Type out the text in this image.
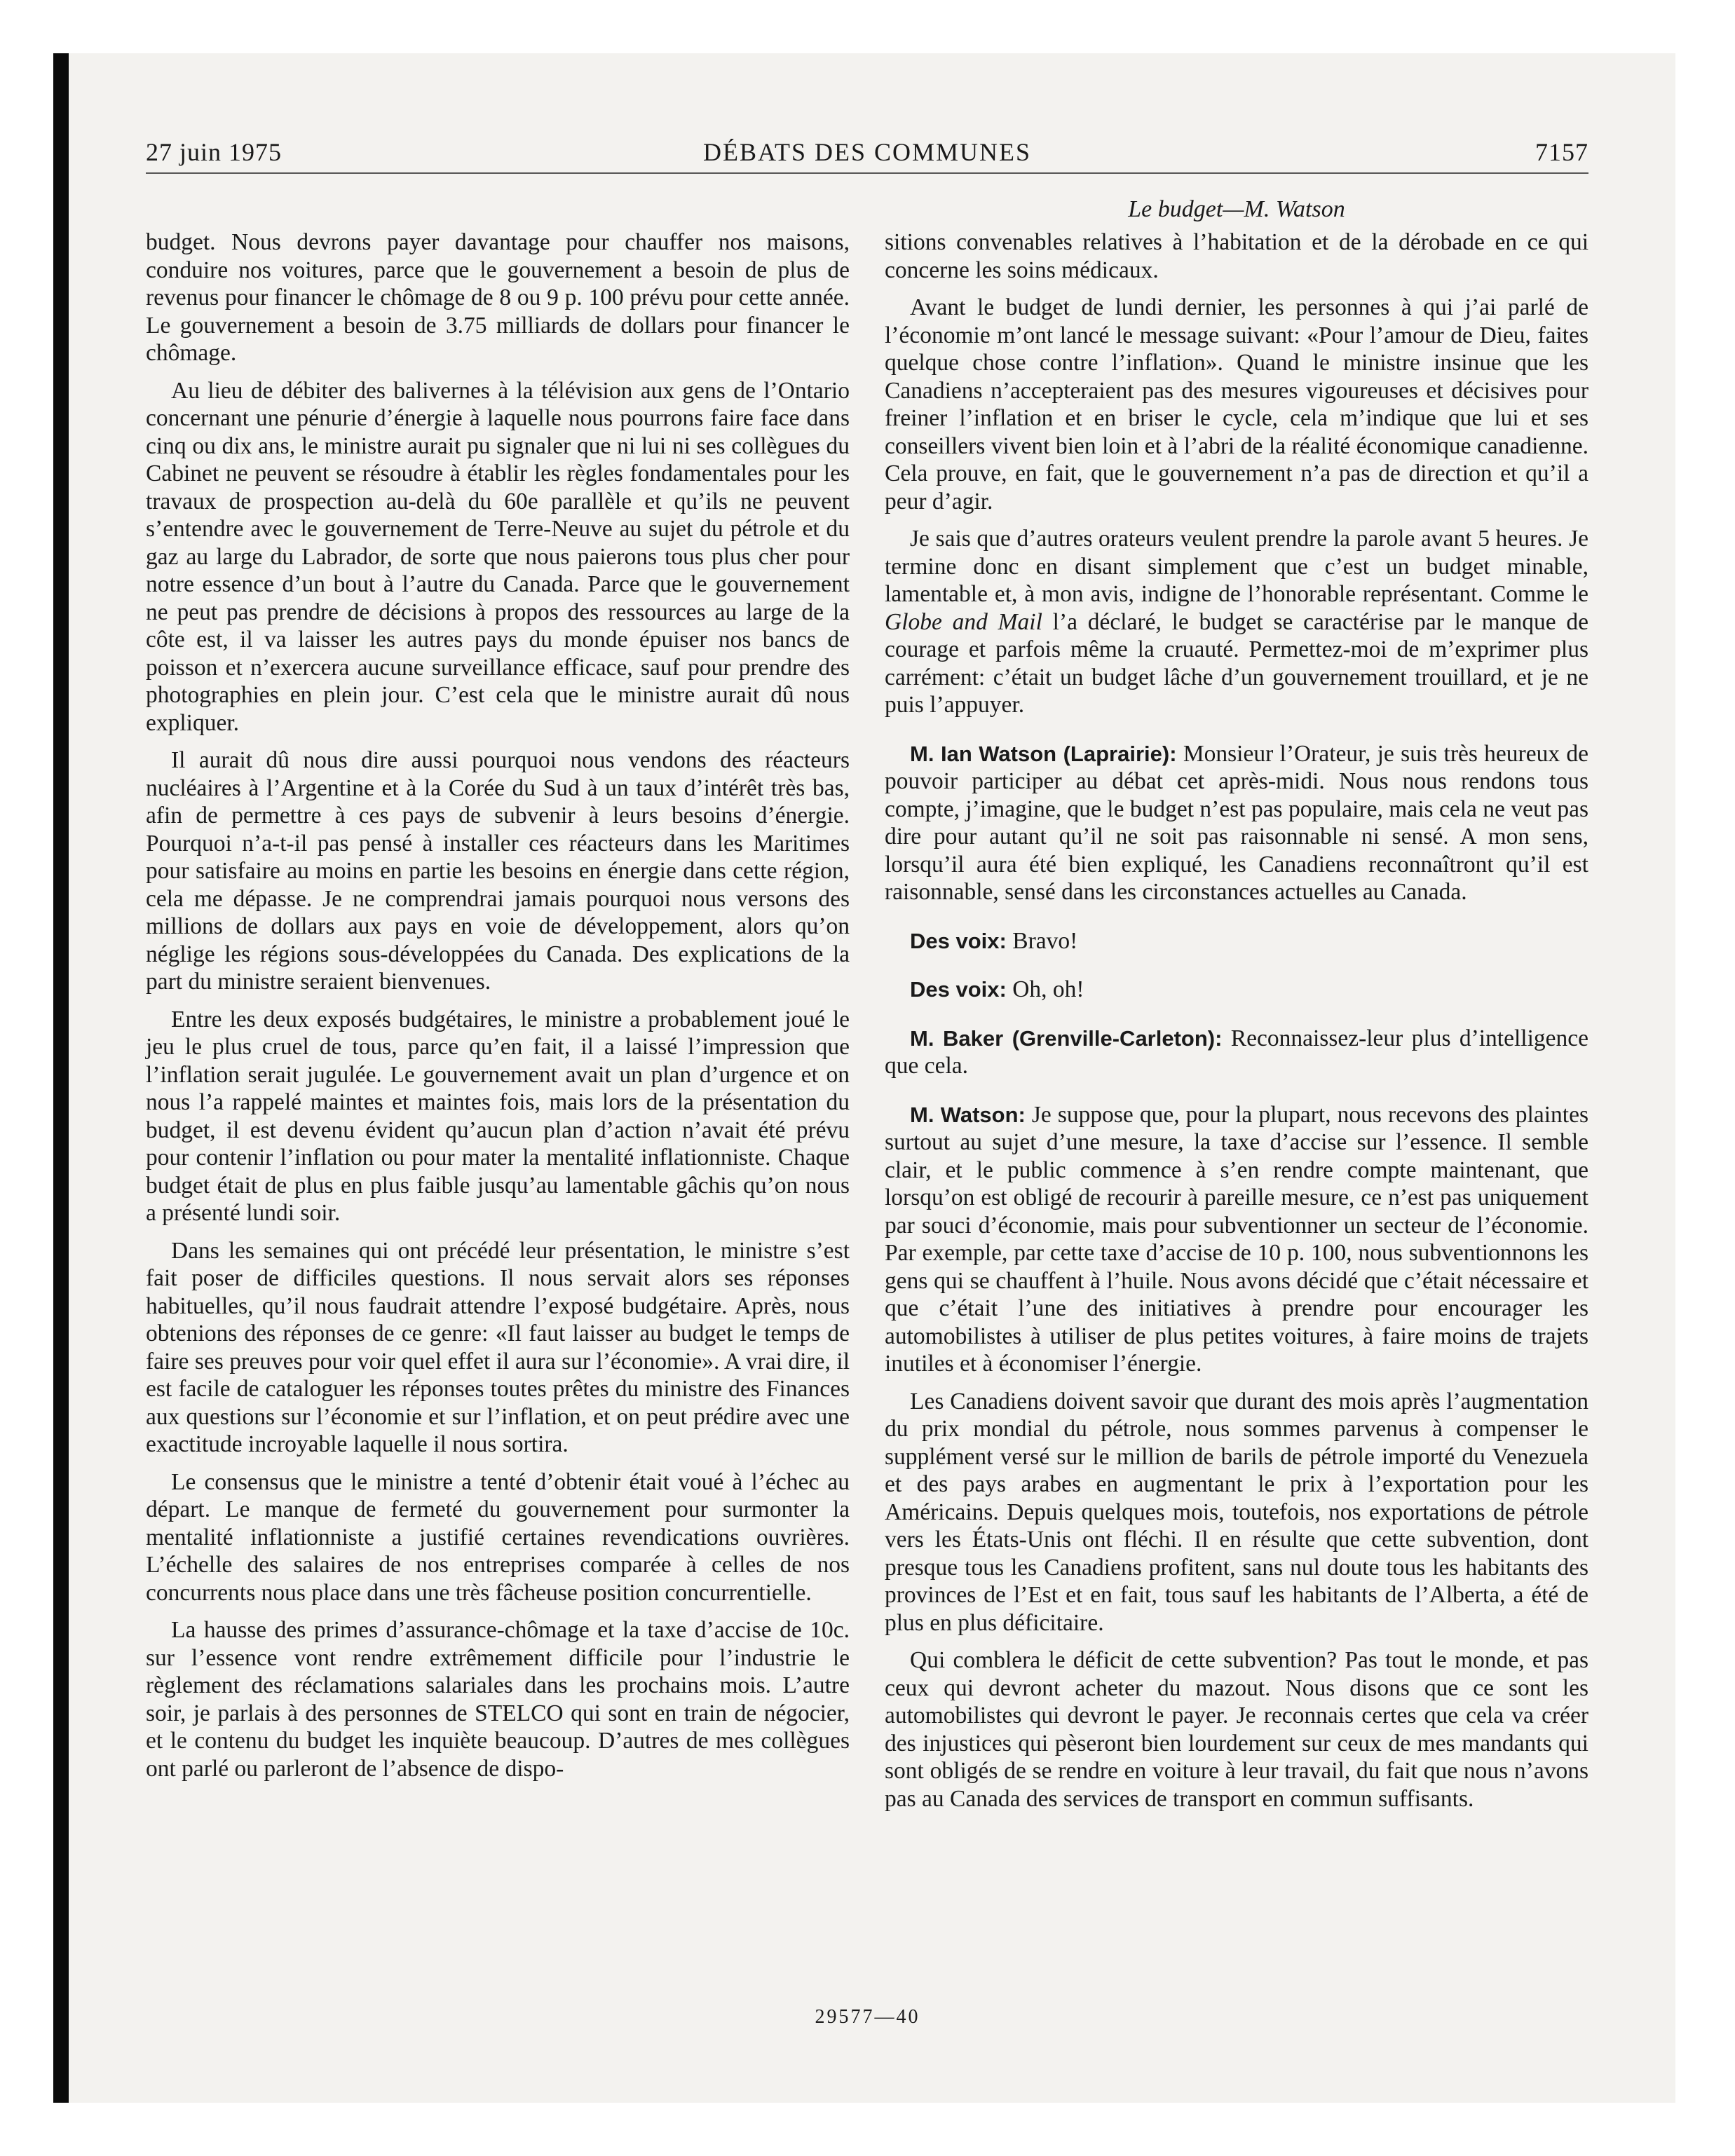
27 juin 1975	DÉBATS DES COMMUNES	7157
Le budget—M. Watson

budget. Nous devrons payer davantage pour chauffer nos maisons, conduire nos voitures, parce que le gouvernement a besoin de plus de revenus pour financer le chômage de 8 ou 9 p. 100 prévu pour cette année. Le gouvernement a besoin de 3.75 milliards de dollars pour financer le chômage.

Au lieu de débiter des balivernes à la télévision aux gens de l’Ontario concernant une pénurie d’énergie à laquelle nous pourrons faire face dans cinq ou dix ans, le ministre aurait pu signaler que ni lui ni ses collègues du Cabinet ne peuvent se résoudre à établir les règles fondamentales pour les travaux de prospection au-delà du 60e parallèle et qu’ils ne peuvent s’entendre avec le gouvernement de Terre-Neuve au sujet du pétrole et du gaz au large du Labrador, de sorte que nous paierons tous plus cher pour notre essence d’un bout à l’autre du Canada. Parce que le gouvernement ne peut pas prendre de décisions à propos des ressources au large de la côte est, il va laisser les autres pays du monde épuiser nos bancs de poisson et n’exercera aucune surveillance efficace, sauf pour prendre des photographies en plein jour. C’est cela que le ministre aurait dû nous expliquer.

Il aurait dû nous dire aussi pourquoi nous vendons des réacteurs nucléaires à l’Argentine et à la Corée du Sud à un taux d’intérêt très bas, afin de permettre à ces pays de subvenir à leurs besoins d’énergie. Pourquoi n’a-t-il pas pensé à installer ces réacteurs dans les Maritimes pour satisfaire au moins en partie les besoins en énergie dans cette région, cela me dépasse. Je ne comprendrai jamais pourquoi nous versons des millions de dollars aux pays en voie de développement, alors qu’on néglige les régions sous-développées du Canada. Des explications de la part du ministre seraient bienvenues.

Entre les deux exposés budgétaires, le ministre a probablement joué le jeu le plus cruel de tous, parce qu’en fait, il a laissé l’impression que l’inflation serait jugulée. Le gouvernement avait un plan d’urgence et on nous l’a rappelé maintes et maintes fois, mais lors de la présentation du budget, il est devenu évident qu’aucun plan d’action n’avait été prévu pour contenir l’inflation ou pour mater la mentalité inflationniste. Chaque budget était de plus en plus faible jusqu’au lamentable gâchis qu’on nous a présenté lundi soir.

Dans les semaines qui ont précédé leur présentation, le ministre s’est fait poser de difficiles questions. Il nous servait alors ses réponses habituelles, qu’il nous faudrait attendre l’exposé budgétaire. Après, nous obtenions des réponses de ce genre: «Il faut laisser au budget le temps de faire ses preuves pour voir quel effet il aura sur l’économie». A vrai dire, il est facile de cataloguer les réponses toutes prêtes du ministre des Finances aux questions sur l’économie et sur l’inflation, et on peut prédire avec une exactitude incroyable laquelle il nous sortira.

Le consensus que le ministre a tenté d’obtenir était voué à l’échec au départ. Le manque de fermeté du gouvernement pour surmonter la mentalité inflationniste a justifié certaines revendications ouvrières. L’échelle des salaires de nos entreprises comparée à celles de nos concurrents nous place dans une très fâcheuse position concurrentielle.

La hausse des primes d’assurance-chômage et la taxe d’accise de 10c. sur l’essence vont rendre extrêmement difficile pour l’industrie le règlement des réclamations salariales dans les prochains mois. L’autre soir, je parlais à des personnes de STELCO qui sont en train de négocier, et le contenu du budget les inquiète beaucoup. D’autres de mes collègues ont parlé ou parleront de l’absence de dispo-

sitions convenables relatives à l’habitation et de la dérobade en ce qui concerne les soins médicaux.

Avant le budget de lundi dernier, les personnes à qui j’ai parlé de l’économie m’ont lancé le message suivant: «Pour l’amour de Dieu, faites quelque chose contre l’inflation». Quand le ministre insinue que les Canadiens n’accepteraient pas des mesures vigoureuses et décisives pour freiner l’inflation et en briser le cycle, cela m’indique que lui et ses conseillers vivent bien loin et à l’abri de la réalité économique canadienne. Cela prouve, en fait, que le gouvernement n’a pas de direction et qu’il a peur d’agir.

Je sais que d’autres orateurs veulent prendre la parole avant 5 heures. Je termine donc en disant simplement que c’est un budget minable, lamentable et, à mon avis, indigne de l’honorable représentant. Comme le Globe and Mail l’a déclaré, le budget se caractérise par le manque de courage et parfois même la cruauté. Permettez-moi de m’exprimer plus carrément: c’était un budget lâche d’un gouvernement trouillard, et je ne puis l’appuyer.

M. Ian Watson (Laprairie): Monsieur l’Orateur, je suis très heureux de pouvoir participer au débat cet après-midi. Nous nous rendons tous compte, j’imagine, que le budget n’est pas populaire, mais cela ne veut pas dire pour autant qu’il ne soit pas raisonnable ni sensé. A mon sens, lorsqu’il aura été bien expliqué, les Canadiens reconnaîtront qu’il est raisonnable, sensé dans les circonstances actuelles au Canada.

Des voix: Bravo!

Des voix: Oh, oh!

M. Baker (Grenville-Carleton): Reconnaissez-leur plus d’intelligence que cela.

M. Watson: Je suppose que, pour la plupart, nous recevons des plaintes surtout au sujet d’une mesure, la taxe d’accise sur l’essence. Il semble clair, et le public commence à s’en rendre compte maintenant, que lorsqu’on est obligé de recourir à pareille mesure, ce n’est pas uniquement par souci d’économie, mais pour subventionner un secteur de l’économie. Par exemple, par cette taxe d’accise de 10 p. 100, nous subventionnons les gens qui se chauffent à l’huile. Nous avons décidé que c’était nécessaire et que c’était l’une des initiatives à prendre pour encourager les automobilistes à utiliser de plus petites voitures, à faire moins de trajets inutiles et à économiser l’énergie.

Les Canadiens doivent savoir que durant des mois après l’augmentation du prix mondial du pétrole, nous sommes parvenus à compenser le supplément versé sur le million de barils de pétrole importé du Venezuela et des pays arabes en augmentant le prix à l’exportation pour les Américains. Depuis quelques mois, toutefois, nos exportations de pétrole vers les États-Unis ont fléchi. Il en résulte que cette subvention, dont presque tous les Canadiens profitent, sans nul doute tous les habitants des provinces de l’Est et en fait, tous sauf les habitants de l’Alberta, a été de plus en plus déficitaire.

Qui comblera le déficit de cette subvention? Pas tout le monde, et pas ceux qui devront acheter du mazout. Nous disons que ce sont les automobilistes qui devront le payer. Je reconnais certes que cela va créer des injustices qui pèseront bien lourdement sur ceux de mes mandants qui sont obligés de se rendre en voiture à leur travail, du fait que nous n’avons pas au Canada des services de transport en commun suffisants.

29577—40
